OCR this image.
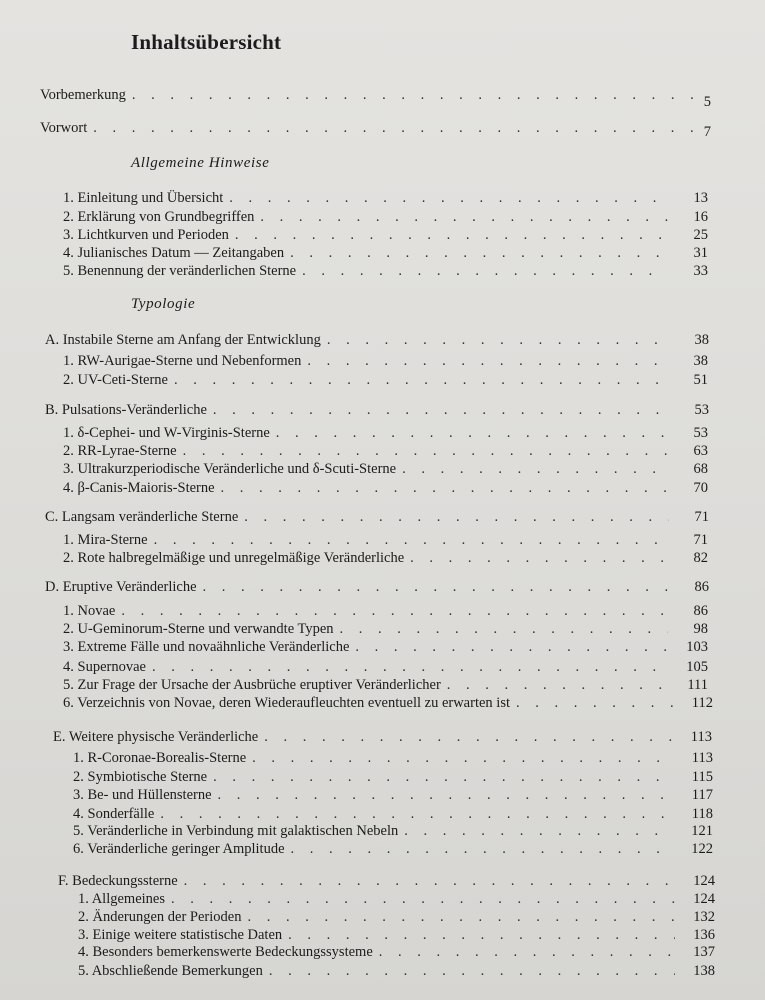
Inhaltsübersicht
Vorbemerkung . . .	5
Vorwort . . .	7
Allgemeine Hinweise
1. Einleitung und Übersicht . . .	13
2. Erklärung von Grundbegriffen . . .	16
3. Lichtkurven und Perioden . . .	25
4. Julianisches Datum — Zeitangaben . . .	31
5. Benennung der veränderlichen Sterne . . .	33
Typologie
A. Instabile Sterne am Anfang der Entwicklung . . .	38
1. RW-Aurigae-Sterne und Nebenformen . . .	38
2. UV-Ceti-Sterne . . .	51
B. Pulsations-Veränderliche . . .	53
1. δ-Cephei- und W-Virginis-Sterne . . .	53
2. RR-Lyrae-Sterne . . .	63
3. Ultrakurzperiodische Veränderliche und δ-Scuti-Sterne . . .	68
4. β-Canis-Maioris-Sterne . . .	70
C. Langsam veränderliche Sterne . . .	71
1. Mira-Sterne . . .	71
2. Rote halbregelmäßige und unregelmäßige Veränderliche . . .	82
D. Eruptive Veränderliche . . .	86
1. Novae . . .	86
2. U-Geminorum-Sterne und verwandte Typen . . .	98
3. Extreme Fälle und novaähnliche Veränderliche . . .	103
4. Supernovae . . .	105
5. Zur Frage der Ursache der Ausbrüche eruptiver Veränderlicher . . .	111
6. Verzeichnis von Novae, deren Wiederaufleuchten eventuell zu erwarten ist . . .	112
E. Weitere physische Veränderliche . . .	113
1. R-Coronae-Borealis-Sterne . . .	113
2. Symbiotische Sterne . . .	115
3. Be- und Hüllensterne . . .	117
4. Sonderfälle . . .	118
5. Veränderliche in Verbindung mit galaktischen Nebeln . . .	121
6. Veränderliche geringer Amplitude . . .	122
F. Bedeckungssterne . . .	124
1. Allgemeines . . .	124
2. Änderungen der Perioden . . .	132
3. Einige weitere statistische Daten . . .	136
4. Besonders bemerkenswerte Bedeckungssysteme . . .	137
5. Abschließende Bemerkungen . . .	138
